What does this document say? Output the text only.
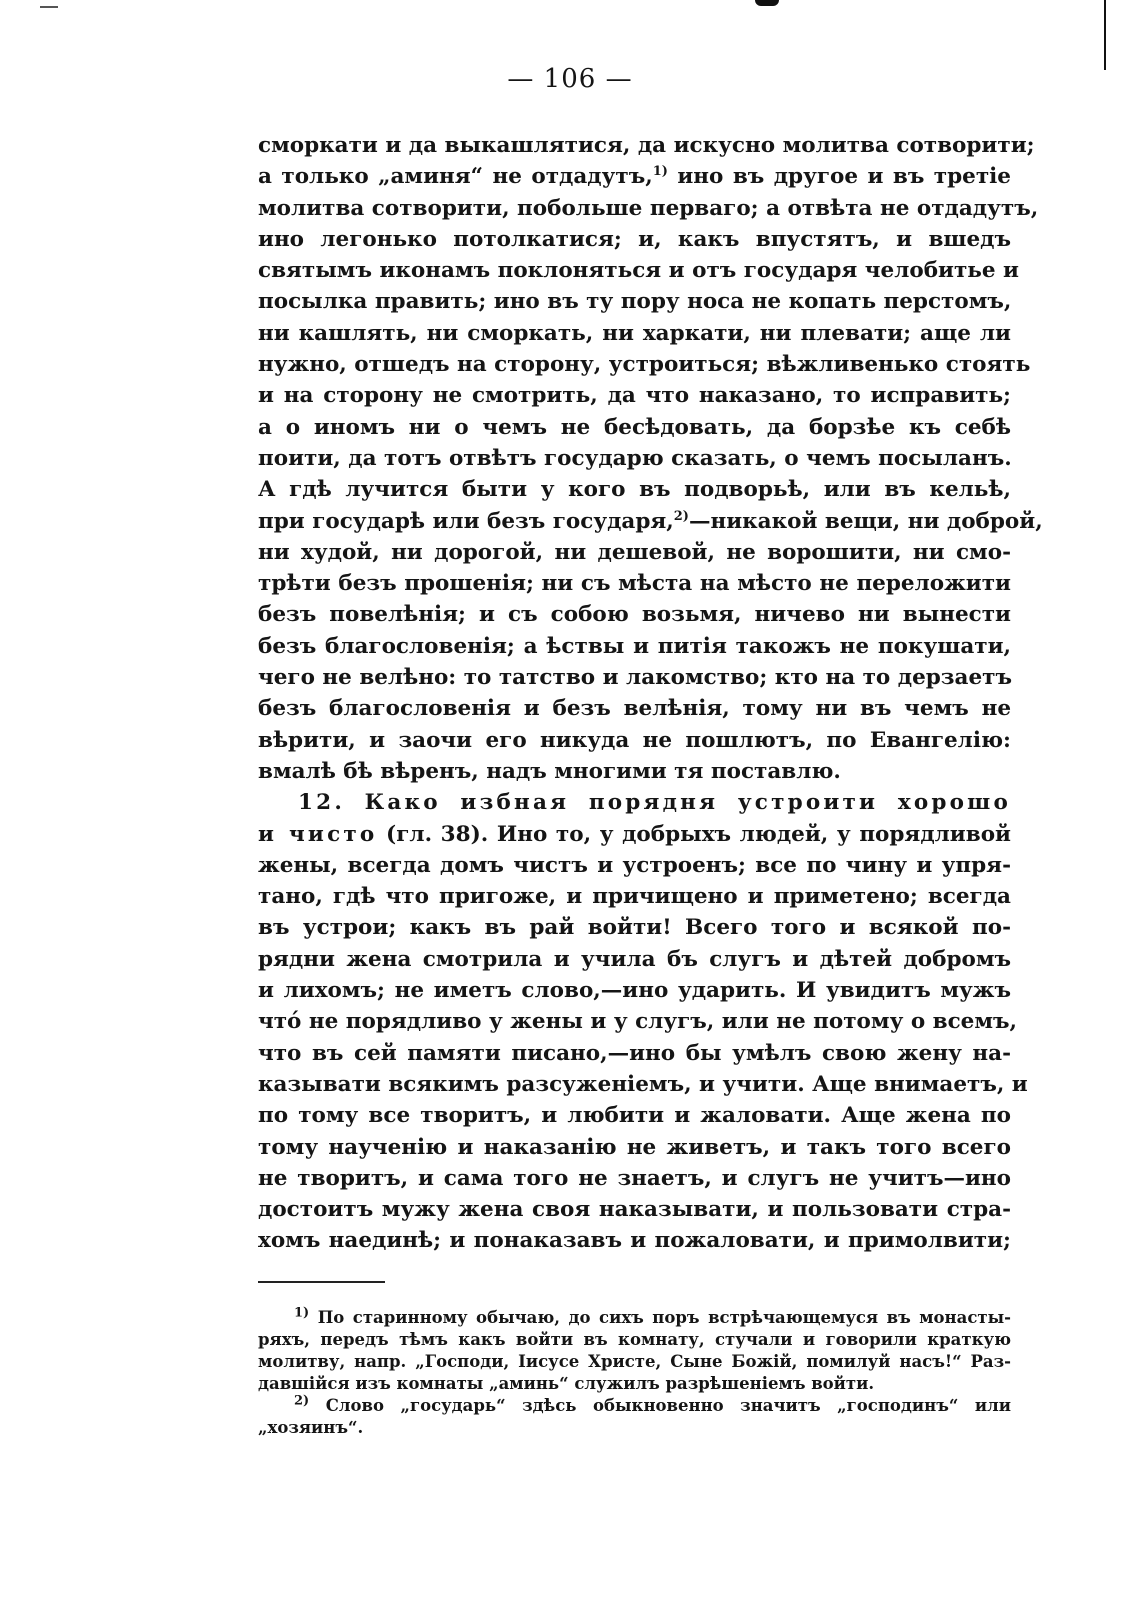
— 106 —
сморкати и да выкашлятися, да искусно молитва сотворити;
а только „аминя“ не отдадутъ,$^{1)}$ ино въ другое и въ третіе
молитва сотворити, побольше перваго; а отвѣта не отдадутъ,
ино легонько потолкатися; и, какъ впустятъ, и вшедъ
святымъ иконамъ поклоняться и отъ государя челобитье и
посылка править; ино въ ту пору носа не копать перстомъ,
ни кашлять, ни сморкать, ни харкати, ни плевати; аще ли
нужно, отшедъ на сторону, устроиться; вѣжливенько стоять
и на сторону не смотрить, да что наказано, то исправить;
а о иномъ ни о чемъ не бесѣдовать, да борзѣе къ себѣ
поити, да тотъ отвѣтъ государю сказать, о чемъ посыланъ.
А гдѣ лучится быти у кого въ подворьѣ, или въ кельѣ,
при государѣ или безъ государя,$^{2)}$—никакой вещи, ни доброй,
ни худой, ни дорогой, ни дешевой, не ворошити, ни смо-
трѣти безъ прошенія; ни съ мѣста на мѣсто не переложити
безъ повелѣнія; и съ собою возьмя, ничево ни вынести
безъ благословенія; а ѣствы и питія такожъ не покушати,
чего не велѣно: то татство и лакомство; кто на то дерзаетъ
безъ благословенія и безъ велѣнія, тому ни въ чемъ не
вѣрити, и заочи его никуда не пошлютъ, по Евангелію:
вмалѣ бѣ вѣренъ, надъ многими тя поставлю.
12. Како избная порядня устроити хорошо
и чисто (гл. 38). Ино то, у добрыхъ людей, у порядливой
жены, всегда домъ чистъ и устроенъ; все по чину и упря-
тано, гдѣ что пригоже, и причищено и приметено; всегда
въ устрои; какъ въ рай войти! Всего того и всякой по-
рядни жена смотрила и учила бъ слугъ и дѣтей добромъ
и лихомъ; не иметъ слово,—ино ударить. И увидитъ мужъ
что́ не порядливо у жены и у слугъ, или не потому о всемъ,
что въ сей памяти писано,—ино бы умѣлъ свою жену на-
казывати всякимъ разсуженіемъ, и учити. Аще внимаетъ, и
по тому все творитъ, и любити и жаловати. Аще жена по
тому наученію и наказанію не живетъ, и такъ того всего
не творитъ, и сама того не знаетъ, и слугъ не учитъ—ино
достоитъ мужу жена своя наказывати, и пользовати стра-
хомъ наединѣ; и понаказавъ и пожаловати, и примолвити;
$^{1)}$ По старинному обычаю, до сихъ поръ встрѣчающемуся въ монасты-
ряхъ, передъ тѣмъ какъ войти въ комнату, стучали и говорили краткую
молитву, напр. „Господи, Іисусе Христе, Сыне Божій, помилуй насъ!“ Раз-
давшійся изъ комнаты „аминь“ служилъ разрѣшеніемъ войти.
$^{2)}$ Слово „государь“ здѣсь обыкновенно значитъ „господинъ“ или
„хозяинъ“.
